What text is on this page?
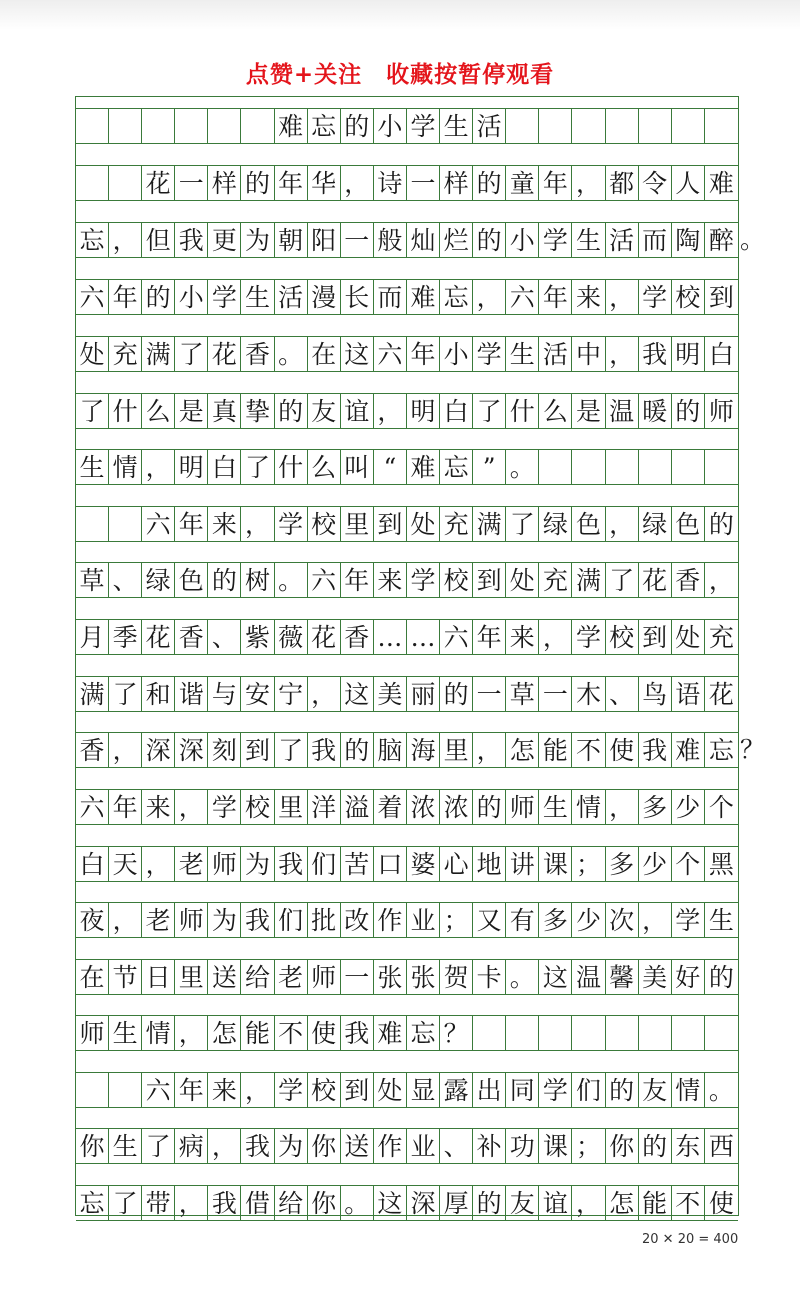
点赞+关注　收藏按暂停观看
难 忘 的 小 学 生 活
花 一 样 的 年 华 ， 诗 一 样 的 童 年 ， 都 令 人 难
忘 ， 但 我 更 为 朝 阳 一 般 灿 烂 的 小 学 生 活 而 陶 醉 。
六 年 的 小 学 生 活 漫 长 而 难 忘 ， 六 年 来 ， 学 校 到
处 充 满 了 花 香 。 在 这 六 年 小 学 生 活 中 ， 我 明 白
了 什 么 是 真 挚 的 友 谊 ， 明 白 了 什 么 是 温 暖 的 师
生 情 ， 明 白 了 什 么 叫 “ 难 忘 ” 。
六 年 来 ， 学 校 里 到 处 充 满 了 绿 色 ， 绿 色 的
草 、 绿 色 的 树 。 六 年 来 学 校 到 处 充 满 了 花 香 ，
月 季 花 香 、 紫 薇 花 香 … … 六 年 来 ， 学 校 到 处 充
满 了 和 谐 与 安 宁 ， 这 美 丽 的 一 草 一 木 、 鸟 语 花
香 ， 深 深 刻 到 了 我 的 脑 海 里 ， 怎 能 不 使 我 难 忘 ？
六 年 来 ， 学 校 里 洋 溢 着 浓 浓 的 师 生 情 ， 多 少 个
白 天 ， 老 师 为 我 们 苦 口 婆 心 地 讲 课 ； 多 少 个 黑
夜 ， 老 师 为 我 们 批 改 作 业 ； 又 有 多 少 次 ， 学 生
在 节 日 里 送 给 老 师 一 张 张 贺 卡 。 这 温 馨 美 好 的
师 生 情 ， 怎 能 不 使 我 难 忘 ？
六 年 来 ， 学 校 到 处 显 露 出 同 学 们 的 友 情 。
你 生 了 病 ， 我 为 你 送 作 业 、 补 功 课 ； 你 的 东 西
忘 了 带 ， 我 借 给 你 。 这 深 厚 的 友 谊 ， 怎 能 不 使
20 ✕ 20 = 400
